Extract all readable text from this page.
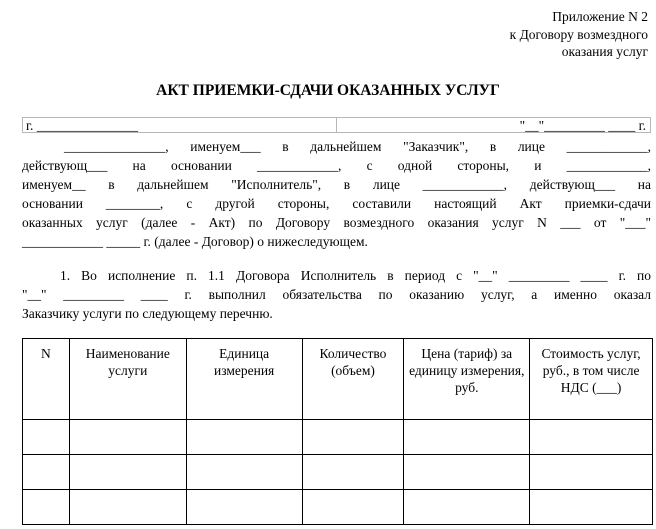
Приложение N 2
к Договору возмездного
оказания услуг
АКТ ПРИЕМКИ-СДАЧИ ОКАЗАННЫХ УСЛУГ
г. _______________	"__"_________ ____ г.
_______________, именуем___ в дальнейшем "Заказчик", в лице ____________,
действующ___ на основании ____________, с одной стороны, и ____________,
именуем__ в дальнейшем "Исполнитель", в лице ____________, действующ___ на
основании ________, с другой стороны, составили настоящий Акт приемки-сдачи
оказанных услуг (далее - Акт) по Договору возмездного оказания услуг N ___ от "___"
____________ _____ г. (далее - Договор) о нижеследующем.
1. Во исполнение п. 1.1 Договора Исполнитель в период с "__" _________ ____ г. по
"__" _________ ____ г. выполнил обязательства по оказанию услуг, а именно оказал
Заказчику услуги по следующему перечню.
N	Наименование услуги	Единица измерения	Количество (объем)	Цена (тариф) за единицу измерения, руб.	Стоимость услуг, руб., в том числе НДС (___)
